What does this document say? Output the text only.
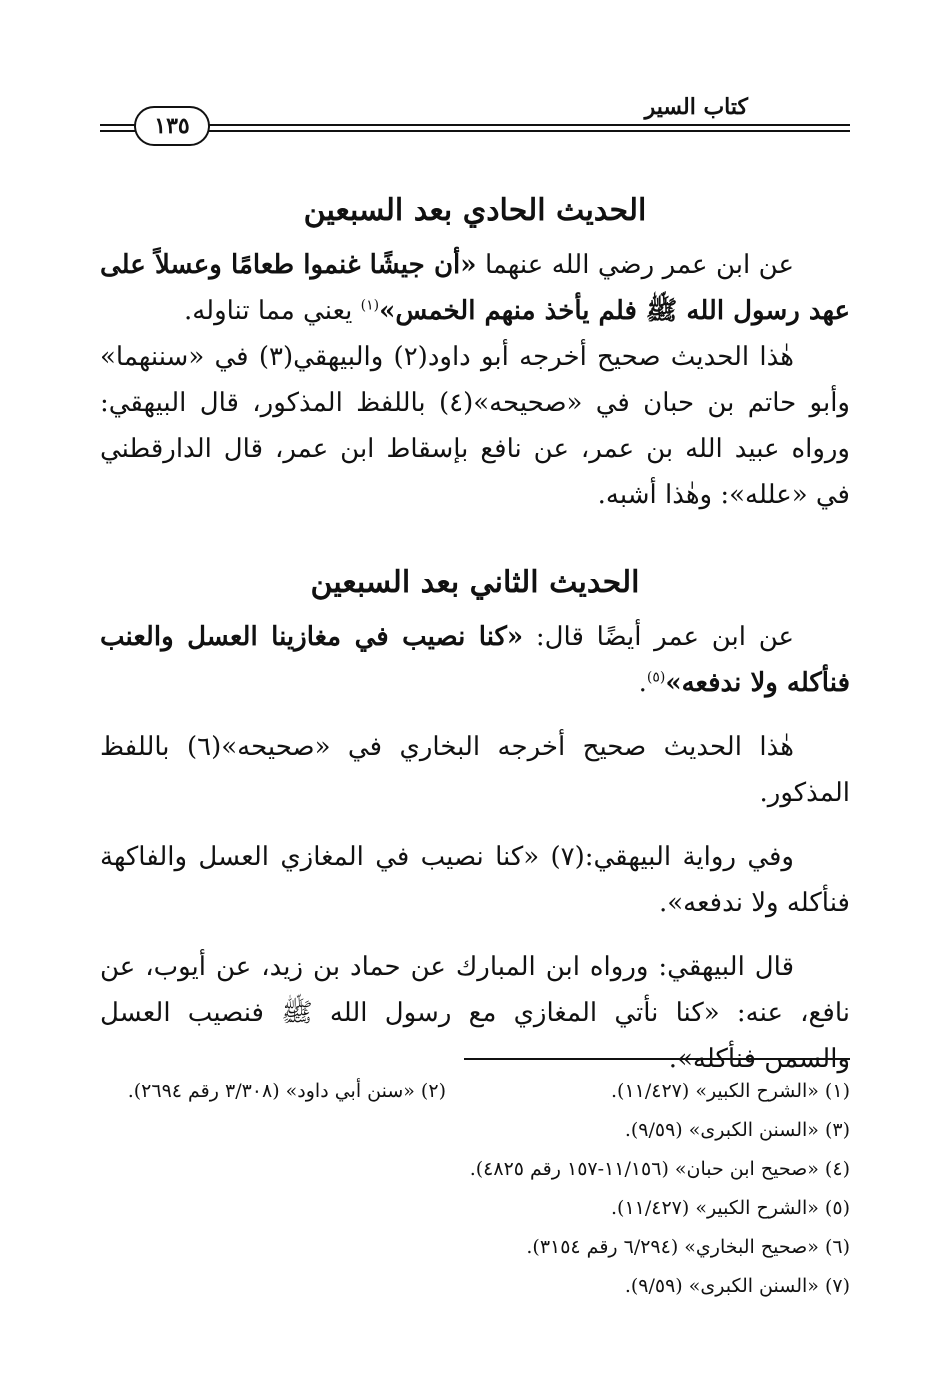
١٣٥
كتاب السير
الحديث الحادي بعد السبعين

عن ابن عمر رضي الله عنهما «أن جيشًا غنموا طعامًا وعسلاً على عهد رسول الله ﷺ فلم يأخذ منهم الخمس»$^{(١)}$ يعني مما تناوله.

هٰذا الحديث صحيح أخرجه أبو داود(٢) والبيهقي(٣) في «سننهما» وأبو حاتم بن حبان في «صحيحه»(٤) باللفظ المذكور، قال البيهقي: ورواه عبيد الله بن عمر، عن نافع بإسقاط ابن عمر، قال الدارقطني في «علله»: وهٰذا أشبه.

الحديث الثاني بعد السبعين

عن ابن عمر أيضًا قال: «كنا نصيب في مغازينا العسل والعنب فنأكله ولا ندفعه»$^{(٥)}$.

هٰذا الحديث صحيح أخرجه البخاري في «صحيحه»(٦) باللفظ المذكور.

وفي رواية البيهقي:(٧) «كنا نصيب في المغازي العسل والفاكهة فنأكله ولا ندفعه».

قال البيهقي: ورواه ابن المبارك عن حماد بن زيد، عن أيوب، عن نافع، عنه: «كنا نأتي المغازي مع رسول الله ﷺ فنصيب العسل والسمن فنأكله».

(١) «الشرح الكبير» (١١/٤٢٧).
(٢) «سنن أبي داود» (٣/٣٠٨ رقم ٢٦٩٤).
(٣) «السنن الكبرى» (٩/٥٩).
(٤) «صحيح ابن حبان» (١١/١٥٦-١٥٧ رقم ٤٨٢٥).
(٥) «الشرح الكبير» (١١/٤٢٧).
(٦) «صحيح البخاري» (٦/٢٩٤ رقم ٣١٥٤).
(٧) «السنن الكبرى» (٩/٥٩).
